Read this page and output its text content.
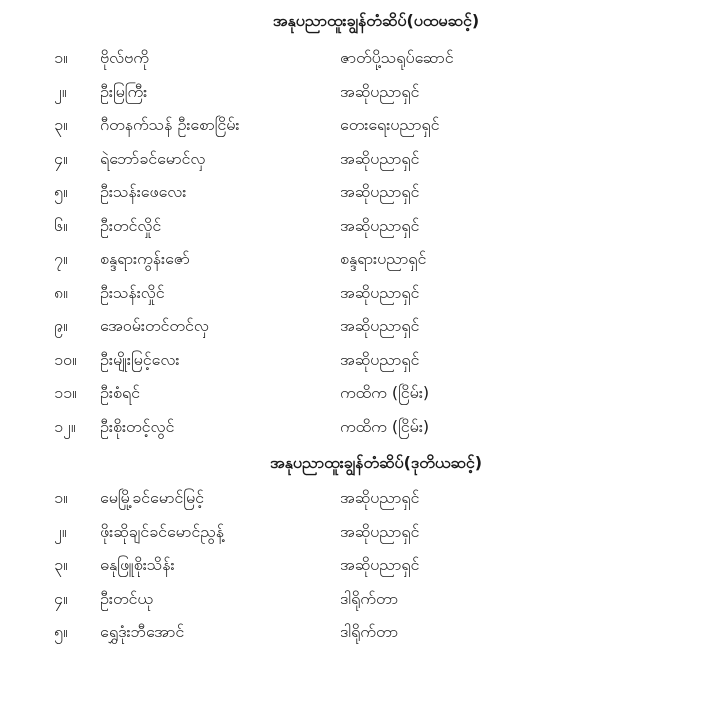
အနုပညာထူးချွန်တံဆိပ်(ပထမဆင့်)
၁။ ဗိုလ်ဗကို	ဇာတ်ပို့သရုပ်ဆောင်
၂။ ဦးမြကြီး	အဆိုပညာရှင်
၃။ ဂီတနက်သန် ဦးစောငြိမ်း	တေးရေးပညာရှင်
၄။ ရဲဘော်ခင်မောင်လှ	အဆိုပညာရှင်
၅။ ဦးသန်းဖေလေး	အဆိုပညာရှင်
၆။ ဦးတင်လှိုင်	အဆိုပညာရှင်
၇။ စန္ဒရားကွန်းဇော်	စန္ဒရားပညာရှင်
၈။ ဦးသန်းလှိုင်	အဆိုပညာရှင်
၉။ အေဝမ်းတင်တင်လှ	အဆိုပညာရှင်
၁၀။ ဦးမျိုးမြင့်လေး	အဆိုပညာရှင်
၁၁။ ဦးစံရင်	ကထိက (ငြိမ်း)
၁၂။ ဦးစိုးတင့်လွင်	ကထိက (ငြိမ်း)
အနုပညာထူးချွန်တံဆိပ်(ဒုတိယဆင့်)
၁။ မေမြို့ခင်မောင်မြင့်	အဆိုပညာရှင်
၂။ ဖိုးဆိုချင်ခင်မောင်ညွန့်	အဆိုပညာရှင်
၃။ ဓနုဖြူစိုးသိန်း	အဆိုပညာရှင်
၄။ ဦးတင်ယု	ဒါရိုက်တာ
၅။ ရွှေဒုံးဘီအောင်	ဒါရိုက်တာ
